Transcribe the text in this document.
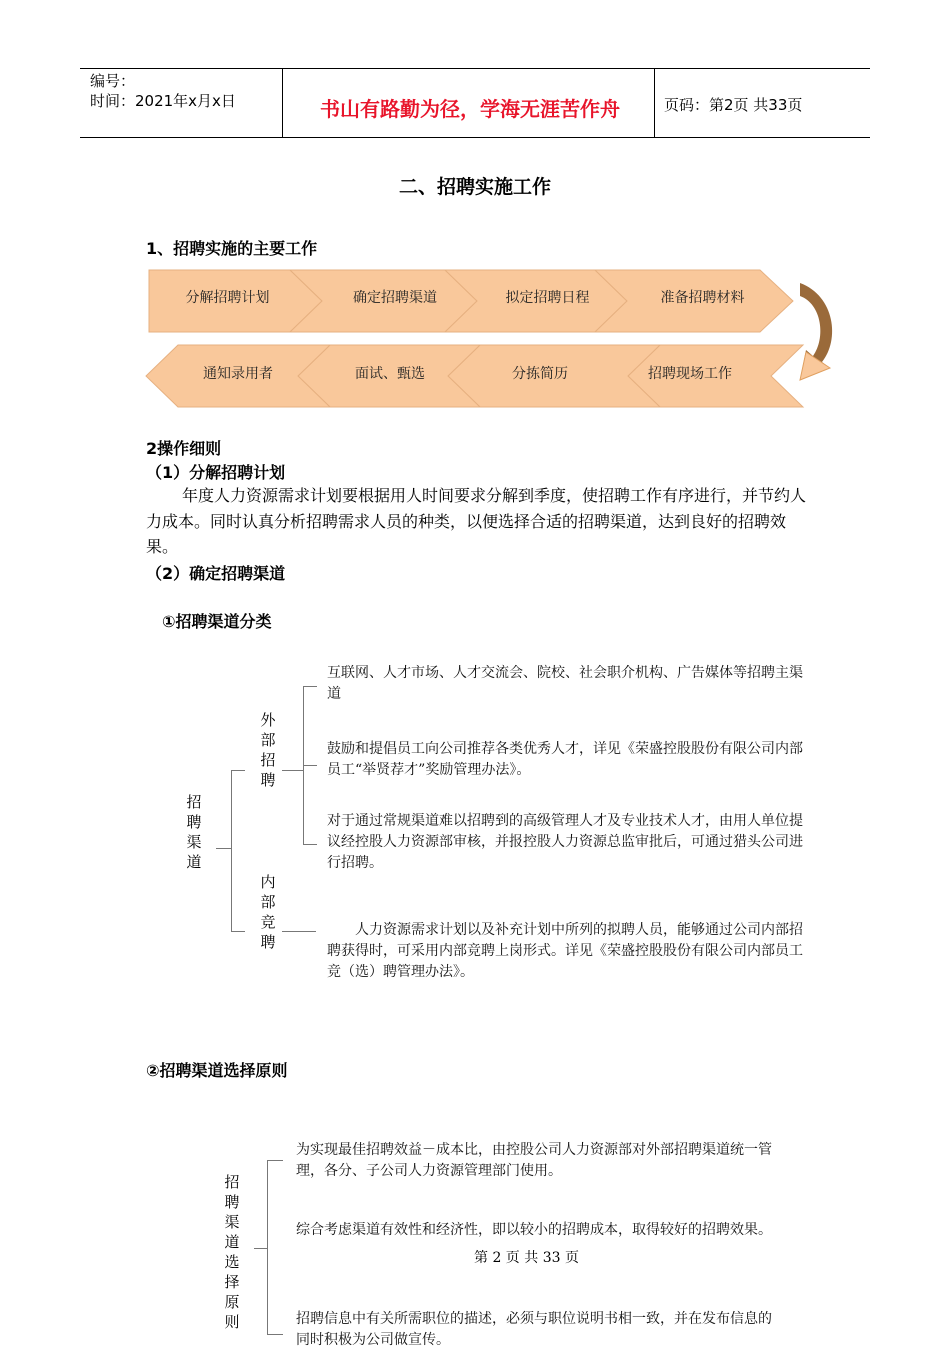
编号：
时间：2021年x月x日	书山有路勤为径，学海无涯苦作舟	页码：第2页 共33页
二、招聘实施工作
1、招聘实施的主要工作
分解招聘计划	确定招聘渠道	拟定招聘日程	准备招聘材料
通知录用者	面试、甄选	分拣简历	招聘现场工作
2操作细则
（1）分解招聘计划
年度人力资源需求计划要根据用人时间要求分解到季度，使招聘工作有序进行，并节约人力成本。同时认真分析招聘需求人员的种类，以便选择合适的招聘渠道，达到良好的招聘效果。
（2）确定招聘渠道
①招聘渠道分类
招聘渠道
外部招聘
内部竞聘
互联网、人才市场、人才交流会、院校、社会职介机构、广告媒体等招聘主渠道
鼓励和提倡员工向公司推荐各类优秀人才，详见《荣盛控股股份有限公司内部员工“举贤荐才”奖励管理办法》。
对于通过常规渠道难以招聘到的高级管理人才及专业技术人才，由用人单位提议经控股人力资源部审核，并报控股人力资源总监审批后，可通过猎头公司进行招聘。
人力资源需求计划以及补充计划中所列的拟聘人员，能够通过公司内部招聘获得时，可采用内部竞聘上岗形式。详见《荣盛控股股份有限公司内部员工竞（选）聘管理办法》。
②招聘渠道选择原则
招聘渠道选择原则
为实现最佳招聘效益－成本比，由控股公司人力资源部对外部招聘渠道统一管理，各分、子公司人力资源管理部门使用。
综合考虑渠道有效性和经济性，即以较小的招聘成本，取得较好的招聘效果。
招聘信息中有关所需职位的描述，必须与职位说明书相一致，并在发布信息的同时积极为公司做宣传。
第 2 页 共 33 页
